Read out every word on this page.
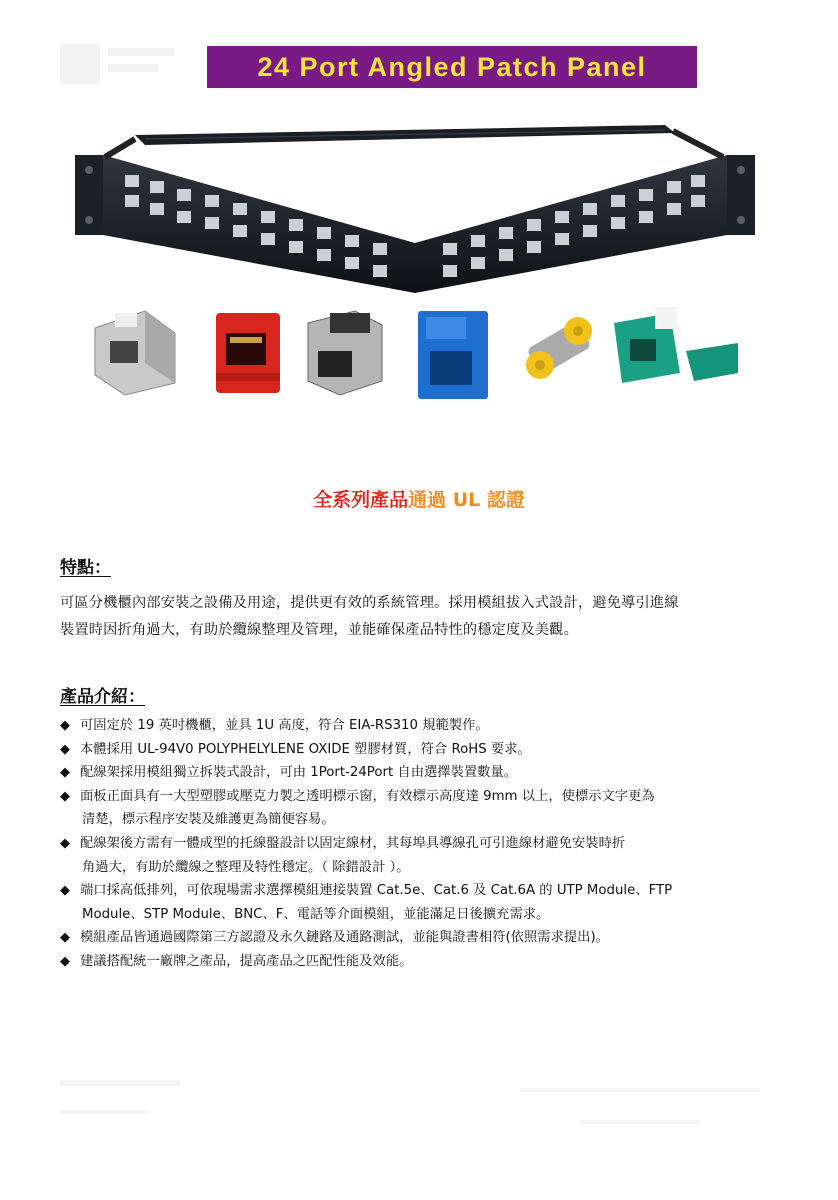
24 Port Angled Patch Panel
全系列產品通過 UL 認證
特點：

可區分機櫃內部安裝之設備及用途，提供更有效的系統管理。採用模組拔入式設計，避免導引進線

裝置時因折角過大，有助於纜線整理及管理，並能確保產品特性的穩定度及美觀。

產品介紹：
◆ 可固定於 19 英吋機櫃，並具 1U 高度，符合 EIA-RS310 規範製作。
◆ 本體採用 UL-94V0 POLYPHELYLENE OXIDE 塑膠材質，符合 RoHS 要求。
◆ 配線架採用模組獨立拆裝式設計，可由 1Port-24Port 自由選擇裝置數量。
◆ 面板正面具有一大型塑膠或壓克力製之透明標示窗，有效標示高度達 9mm 以上，使標示文字更為
清楚，標示程序安裝及維護更為簡便容易。
◆ 配線架後方需有一體成型的托線盤設計以固定線材，其每埠具導線孔可引進線材避免安裝時折
角過大，有助於纜線之整理及特性穩定。（ 除錯設計 ）。
◆ 端口採高低排列，可依現場需求選擇模組連接裝置 Cat.5e、Cat.6 及 Cat.6A 的 UTP Module、FTP
Module、STP Module、BNC、F、電話等介面模組，並能滿足日後擴充需求。
◆ 模組產品皆通過國際第三方認證及永久鏈路及通路測試，並能與證書相符(依照需求提出)。
◆ 建議搭配統一廠牌之產品，提高產品之匹配性能及效能。
